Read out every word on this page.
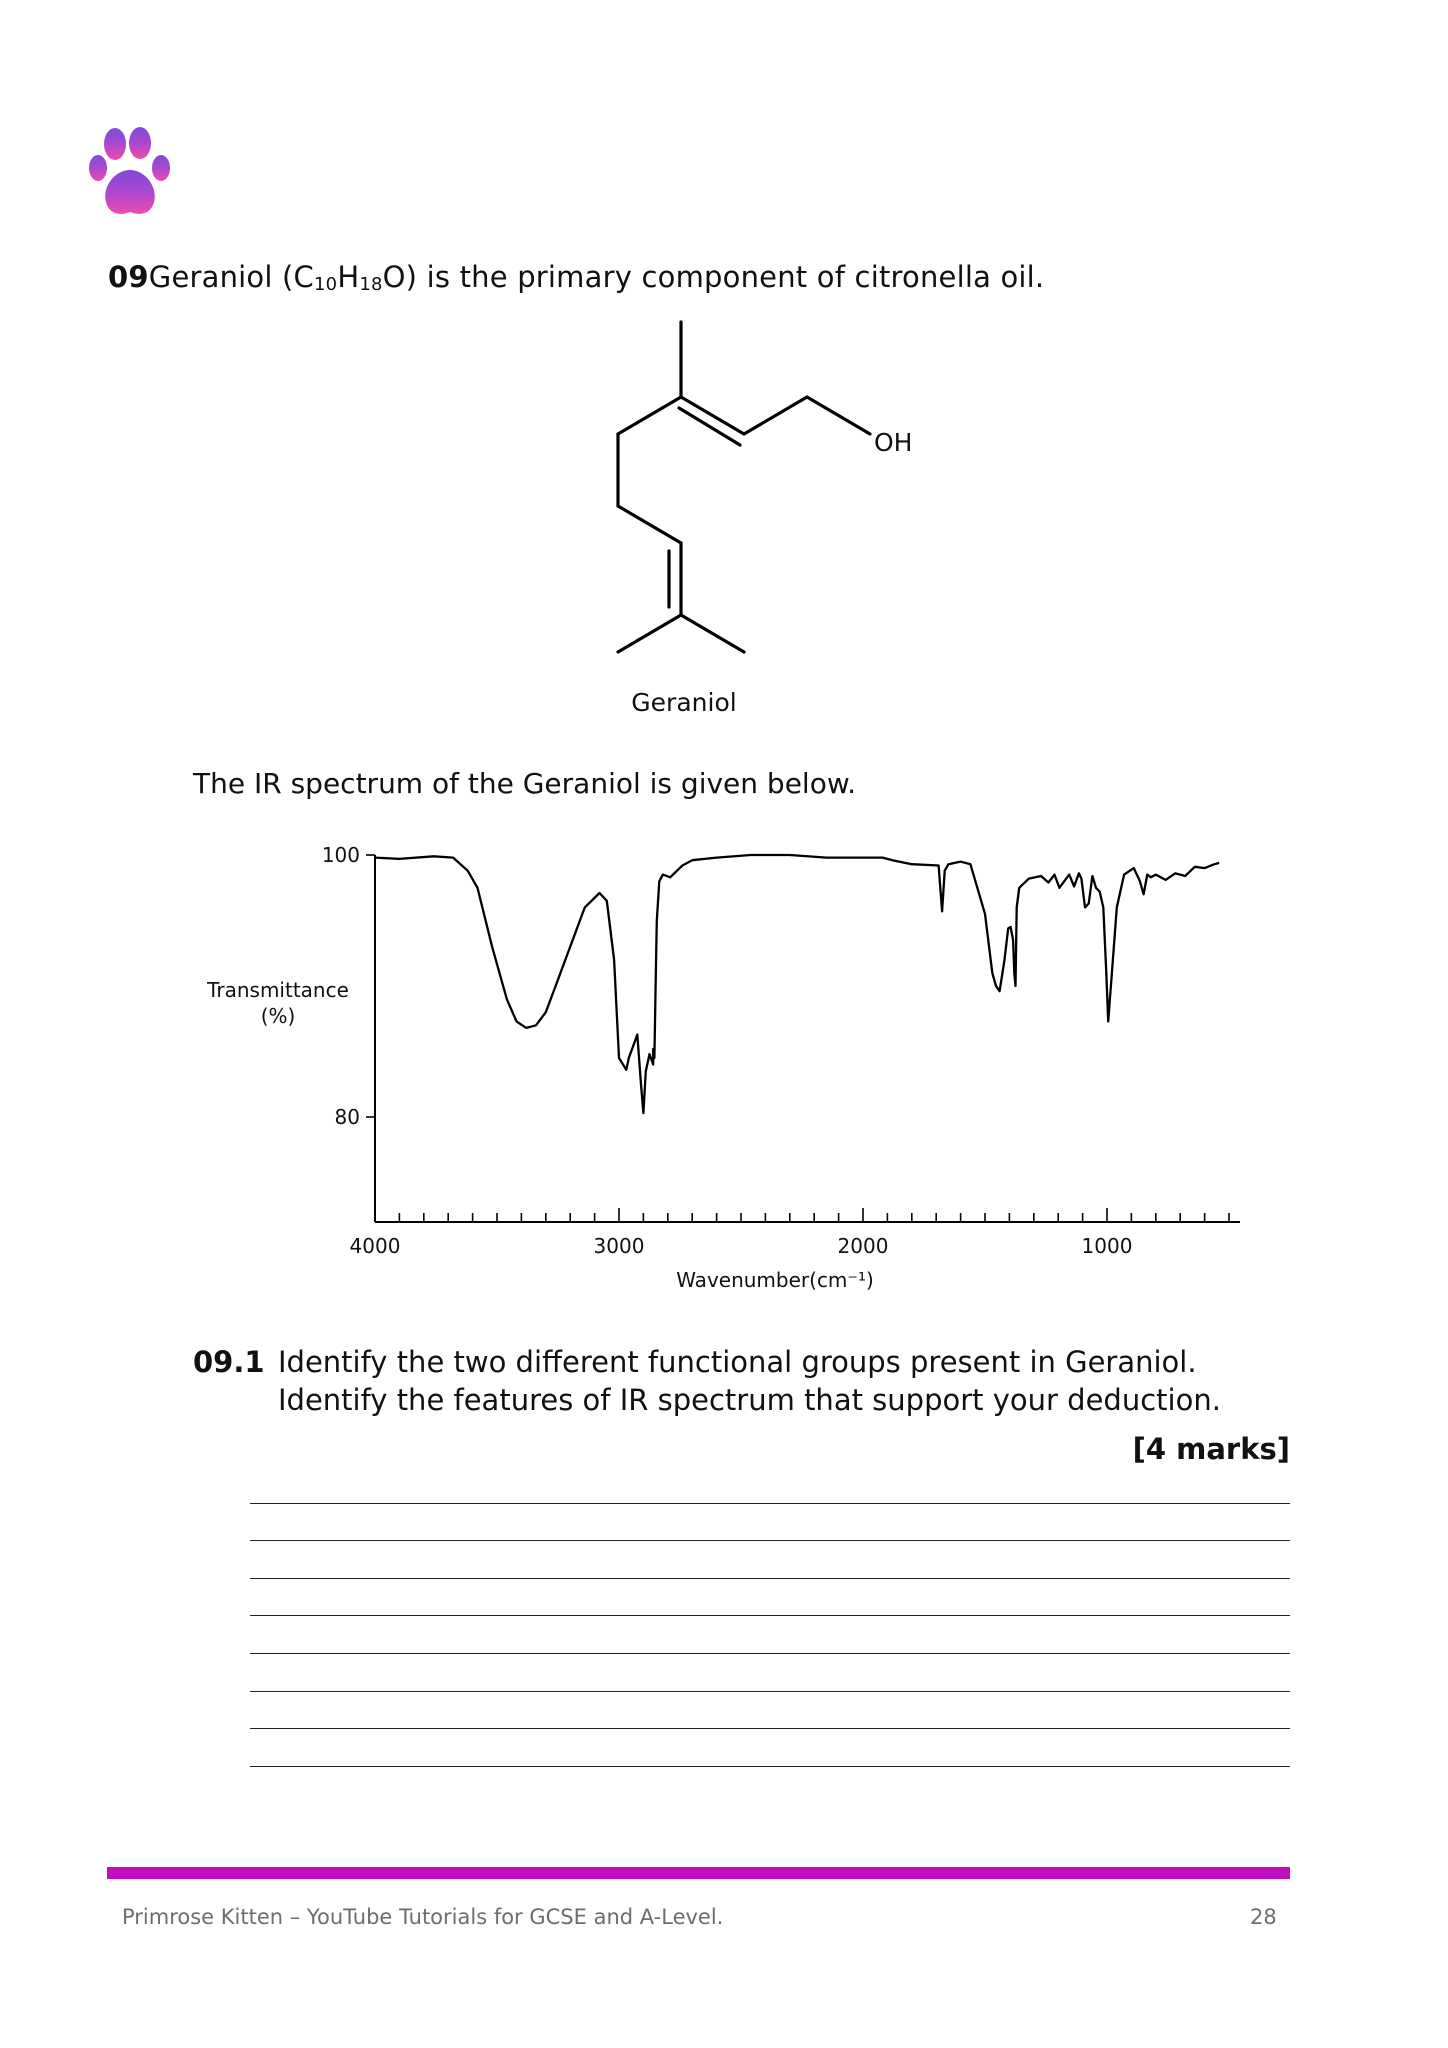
09Geraniol $(C_{10}H_{18}O)$ is the primary component of citronella oil.
OH
Geraniol
The IR spectrum of the Geraniol is given below.
100
80
4000	3000	2000	1000
Transmittance
(%)
Wavenumber(cm⁻¹)
09.1 Identify the two different functional groups present in Geraniol.
Identify the features of IR spectrum that support your deduction.
[4 marks]
Primrose Kitten – YouTube Tutorials for GCSE and A-Level.	28
